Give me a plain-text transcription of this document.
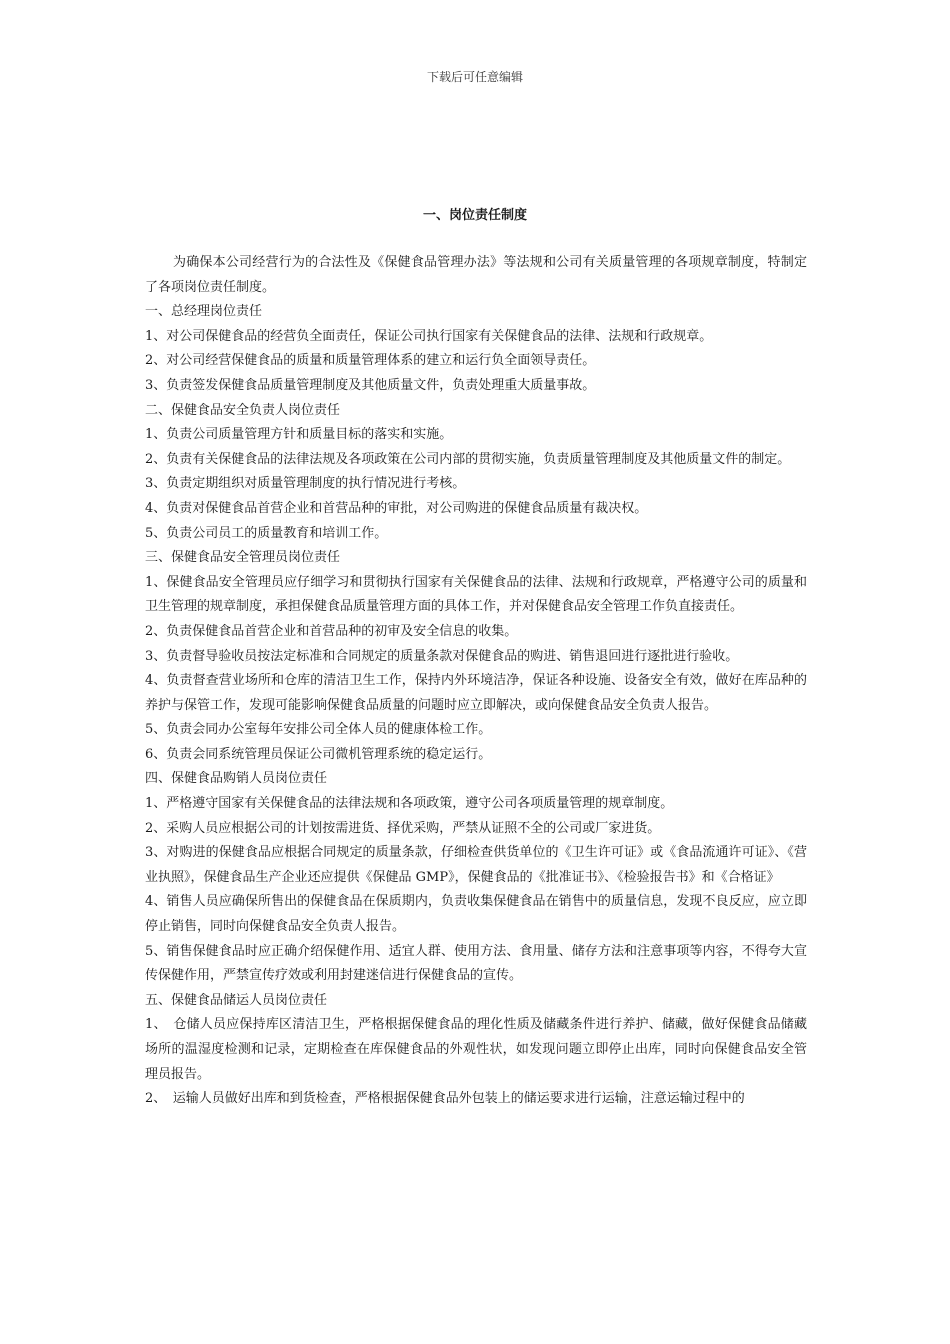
下载后可任意编辑
一、岗位责任制度

为确保本公司经营行为的合法性及《保健食品管理办法》等法规和公司有关质量管理的各项规章制度，特制定了各项岗位责任制度。

一、总经理岗位责任

1、对公司保健食品的经营负全面责任，保证公司执行国家有关保健食品的法律、法规和行政规章。

2、对公司经营保健食品的质量和质量管理体系的建立和运行负全面领导责任。

3、负责签发保健食品质量管理制度及其他质量文件，负责处理重大质量事故。

二、保健食品安全负责人岗位责任

1、负责公司质量管理方针和质量目标的落实和实施。

2、负责有关保健食品的法律法规及各项政策在公司内部的贯彻实施，负责质量管理制度及其他质量文件的制定。

3、负责定期组织对质量管理制度的执行情况进行考核。

4、负责对保健食品首营企业和首营品种的审批，对公司购进的保健食品质量有裁决权。

5、负责公司员工的质量教育和培训工作。

三、保健食品安全管理员岗位责任

1、保健食品安全管理员应仔细学习和贯彻执行国家有关保健食品的法律、法规和行政规章，严格遵守公司的质量和卫生管理的规章制度，承担保健食品质量管理方面的具体工作，并对保健食品安全管理工作负直接责任。

2、负责保健食品首营企业和首营品种的初审及安全信息的收集。

3、负责督导验收员按法定标准和合同规定的质量条款对保健食品的购进、销售退回进行逐批进行验收。

4、负责督查营业场所和仓库的清洁卫生工作，保持内外环境洁净，保证各种设施、设备安全有效，做好在库品种的养护与保管工作，发现可能影响保健食品质量的问题时应立即解决，或向保健食品安全负责人报告。

5、负责会同办公室每年安排公司全体人员的健康体检工作。

6、负责会同系统管理员保证公司微机管理系统的稳定运行。

四、保健食品购销人员岗位责任

1、严格遵守国家有关保健食品的法律法规和各项政策，遵守公司各项质量管理的规章制度。

2、采购人员应根据公司的计划按需进货、择优采购，严禁从证照不全的公司或厂家进货。

3、对购进的保健食品应根据合同规定的质量条款，仔细检查供货单位的《卫生许可证》或《食品流通许可证》、《营业执照》，保健食品生产企业还应提供《保健品 GMP》，保健食品的《批准证书》、《检验报告书》和《合格证》

4、销售人员应确保所售出的保健食品在保质期内，负责收集保健食品在销售中的质量信息，发现不良反应，应立即停止销售，同时向保健食品安全负责人报告。

5、销售保健食品时应正确介绍保健作用、适宜人群、使用方法、食用量、储存方法和注意事项等内容，不得夸大宣传保健作用，严禁宣传疗效或利用封建迷信进行保健食品的宣传。

五、保健食品储运人员岗位责任

1、　仓储人员应保持库区清洁卫生，严格根据保健食品的理化性质及储藏条件进行养护、储藏，做好保健食品储藏场所的温湿度检测和记录，定期检查在库保健食品的外观性状，如发现问题立即停止出库，同时向保健食品安全管理员报告。

2、　运输人员做好出库和到货检查，严格根据保健食品外包装上的储运要求进行运输，注意运输过程中的
